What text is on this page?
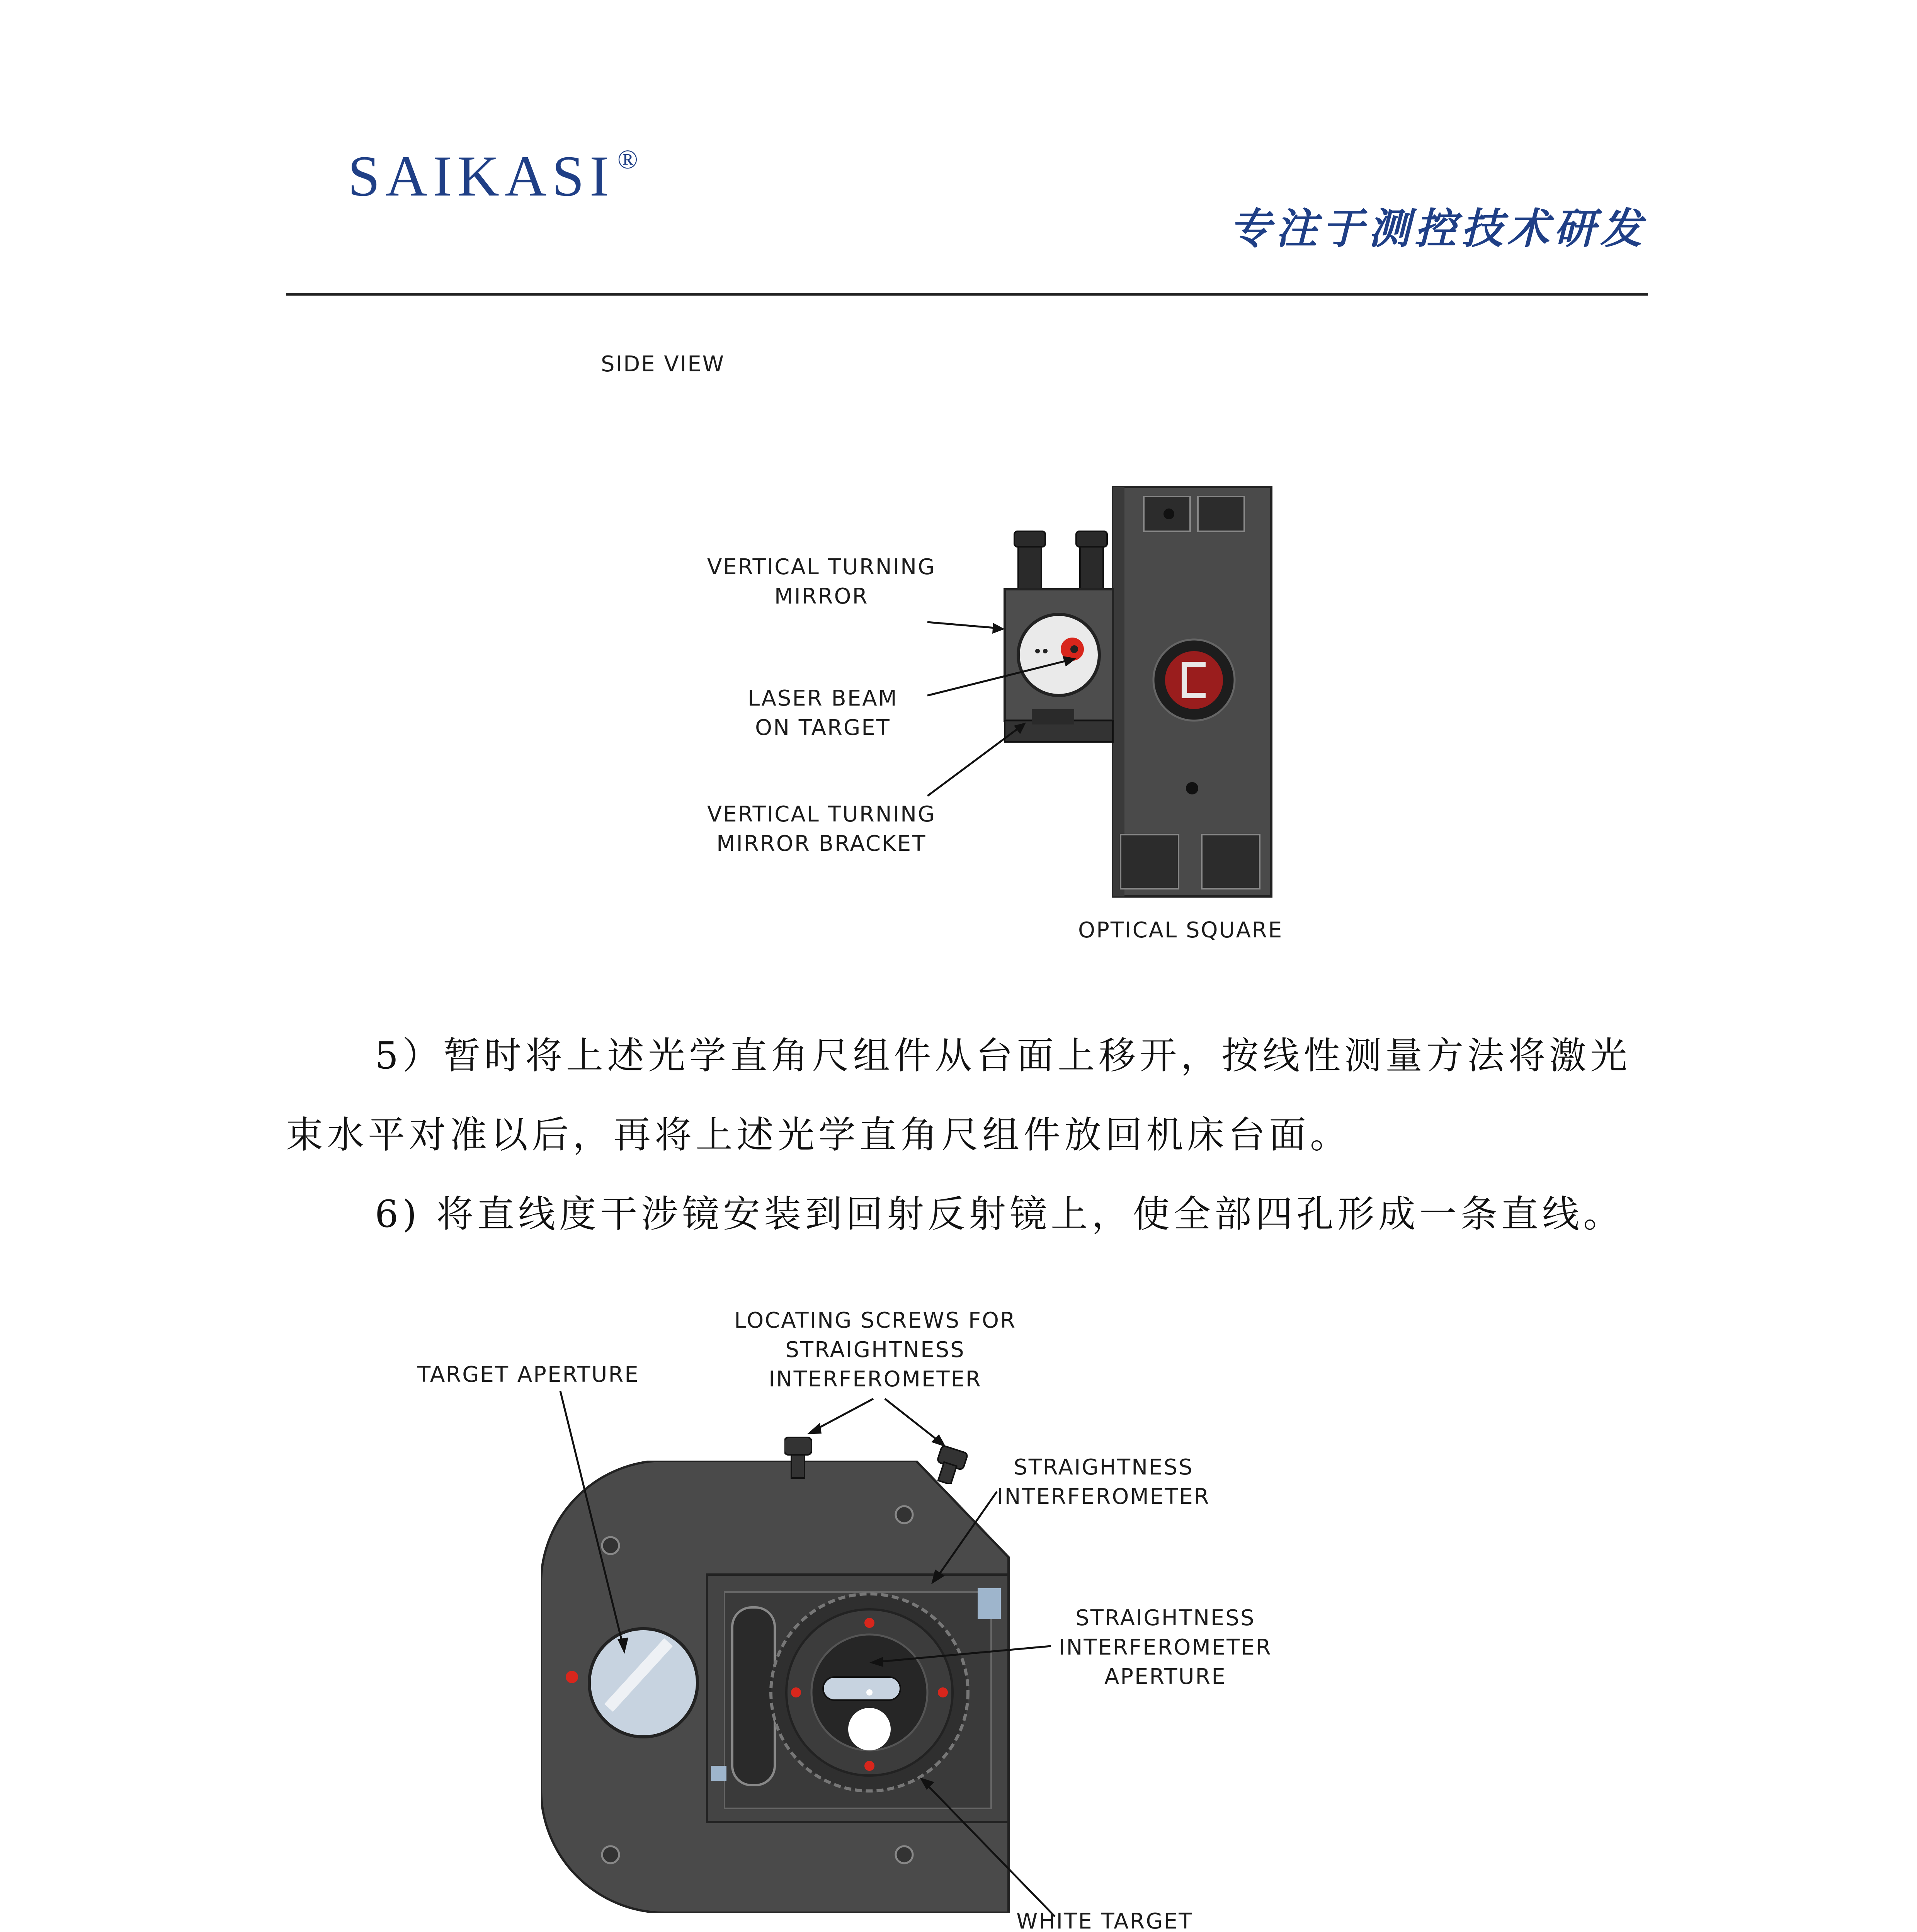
SAIKASI ®
专注于测控技术研发
SIDE VIEW
VERTICAL TURNING
MIRROR
LASER BEAM
ON TARGET
VERTICAL TURNING
MIRROR BRACKET
OPTICAL SQUARE

5）暂时将上述光学直角尺组件从台面上移开，按线性测量方法将激光束水平对准以后，再将上述光学直角尺组件放回机床台面。

6) 将直线度干涉镜安装到回射反射镜上，使全部四孔形成一条直线。

LOCATING SCREWS FOR
STRAIGHTNESS
INTERFEROMETER
TARGET APERTURE
STRAIGHTNESS
INTERFEROMETER
STRAIGHTNESS
INTERFEROMETER
APERTURE
WHITE TARGET
